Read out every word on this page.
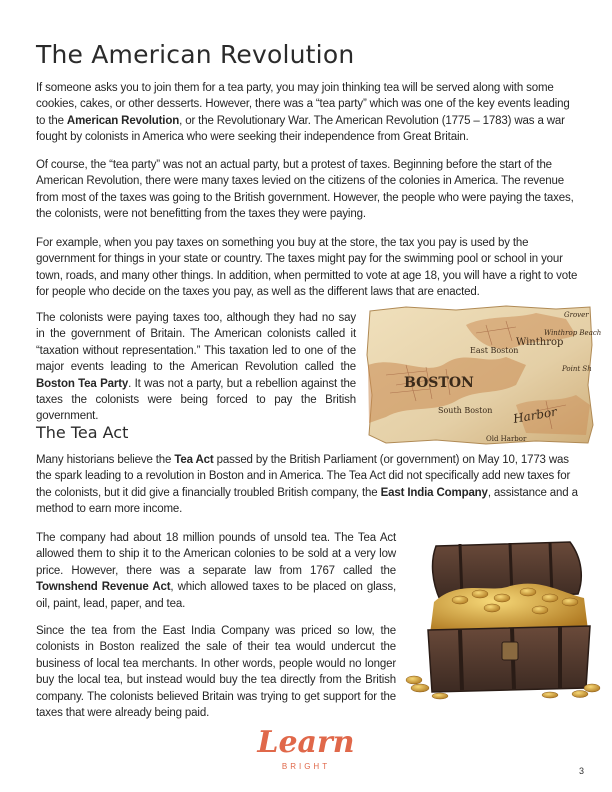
The American Revolution

If someone asks you to join them for a tea party, you may join thinking tea will be served along with some cookies, cakes, or other desserts. However, there was a “tea party” which was one of the key events leading to the American Revolution, or the Revolutionary War. The American Revolution (1775 – 1783) was a war fought by colonists in America who were seeking their independence from Great Britain.

Of course, the “tea party” was not an actual party, but a protest of taxes. Beginning before the start of the American Revolution, there were many taxes levied on the citizens of the colonies in America. The revenue from most of the taxes was going to the British government. However, the people who were paying the taxes, the colonists, were not benefitting from the taxes they were paying.

For example, when you pay taxes on something you buy at the store, the tax you pay is used by the government for things in your state or country. The taxes might pay for the swimming pool or school in your town, roads, and many other things. In addition, when permitted to vote at age 18, you will have a right to vote for people who decide on the taxes you pay, as well as the different laws that are enacted.

The colonists were paying taxes too, although they had no say in the government of Britain. The American colonists called it “taxation without representation.” This taxation led to one of the major events leading to the American Revolution called the Boston Tea Party. It was not a party, but a rebellion against the taxes the colonists were being forced to pay the British government.

BOSTON
East Boston
Winthrop
Winthrop Beach
Grover
Point Sh
South Boston Harbor
Old Harbor
The Tea Act

Many historians believe the Tea Act passed by the British Parliament (or government) on May 10, 1773 was the spark leading to a revolution in Boston and in America. The Tea Act did not specifically add new taxes for the colonists, but it did give a financially troubled British company, the East India Company, assistance and a method to earn more income.

The company had about 18 million pounds of unsold tea. The Tea Act allowed them to ship it to the American colonies to be sold at a very low price. However, there was a separate law from 1767 called the Townshend Revenue Act, which allowed taxes to be placed on glass, oil, paint, lead, paper, and tea.

Since the tea from the East India Company was priced so low, the colonists in Boston realized the sale of their tea would undercut the business of local tea merchants. In other words, people would no longer buy the local tea, but instead would buy the tea directly from the British company. The colonists believed Britain was trying to get support for the taxes that were already being paid.

Learn
BRIGHT	3
